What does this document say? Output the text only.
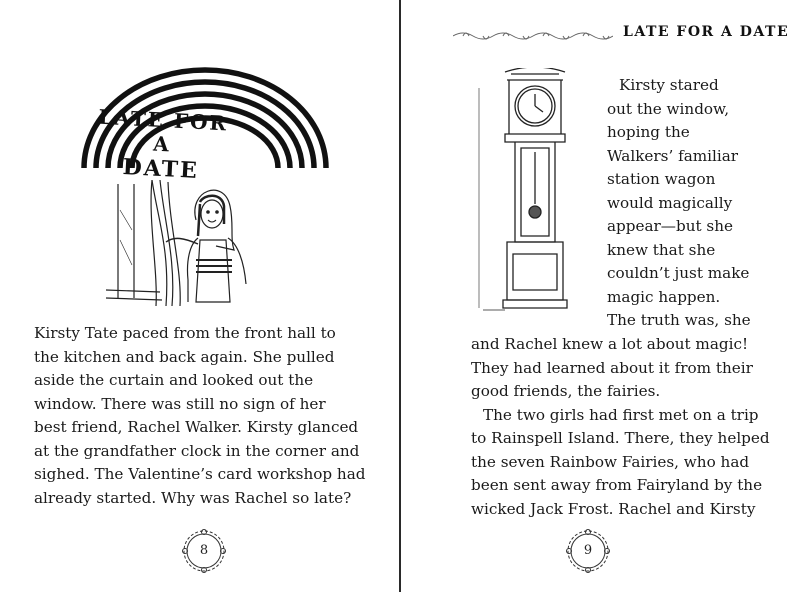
LATE FOR A
DATE
Kirsty Tate paced from the front hall to
the kitchen and back again. She pulled
aside the curtain and looked out the
window. There was still no sign of her
best friend, Rachel Walker. Kirsty glanced
at the grandfather clock in the corner and
sighed. The Valentine’s card workshop had
already started. Why was Rachel so late?
8
LATE FOR A DATE
Kirsty stared
out the window,
hoping the
Walkers’ familiar
station wagon
would magically
appear—but she
knew that she
couldn’t just make
magic happen.
The truth was, she
and Rachel knew a lot about magic!
They had learned about it from their
good friends, the fairies.
The two girls had first met on a trip
to Rainspell Island. There, they helped
the seven Rainbow Fairies, who had
been sent away from Fairyland by the
wicked Jack Frost. Rachel and Kirsty
9
